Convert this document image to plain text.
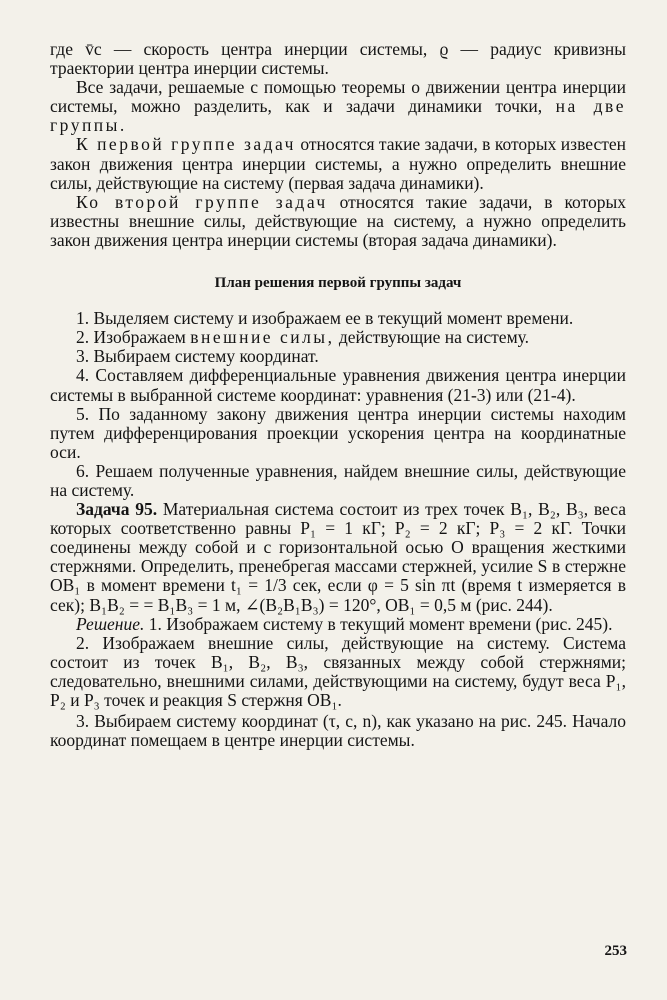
где v̄c — скорость центра инерции системы, ϱ — радиус кривизны траектории центра инерции системы.

Все задачи, решаемые с помощью теоремы о движении центра инерции системы, можно разделить, как и задачи динамики точки, на две группы.

К первой группе задач относятся такие задачи, в которых известен закон движения центра инерции системы, а нужно определить внешние силы, действующие на систему (первая задача динамики).

Ко второй группе задач относятся такие задачи, в которых известны внешние силы, действующие на систему, а нужно определить закон движения центра инерции системы (вторая задача динамики).

План решения первой группы задач

1. Выделяем систему и изображаем ее в текущий момент времени.

2. Изображаем внешние силы, действующие на систему.

3. Выбираем систему координат.

4. Составляем дифференциальные уравнения движения центра инерции системы в выбранной системе координат: уравнения (21-3) или (21-4).

5. По заданному закону движения центра инерции системы находим путем дифференцирования проекции ускорения центра на координатные оси.

6. Решаем полученные уравнения, найдем внешние силы, действующие на систему.

Задача 95. Материальная система состоит из трех точек B₁, B₂, B₃, веса которых соответственно равны P₁ = 1 кГ; P₂ = 2 кГ; P₃ = 2 кГ. Точки соединены между собой и с горизонтальной осью O вращения жесткими стержнями. Определить, пренебрегая массами стержней, усилие S в стержне OB₁ в момент времени t₁ = 1/3 сек, если φ = 5 sin πt (время t измеряется в сек); B₁B₂ = = B₁B₃ = 1 м, ∠(B₂B₁B₃) = 120°, OB₁ = 0,5 м (рис. 244).

Решение. 1. Изображаем систему в текущий момент времени (рис. 245).

2. Изображаем внешние силы, действующие на систему. Система состоит из точек B₁, B₂, B₃, связанных между собой стержнями; следовательно, внешними силами, действующими на систему, будут веса P₁, P₂ и P₃ точек и реакция S стержня OB₁.

3. Выбираем систему координат (τ, c, n), как указано на рис. 245. Начало координат помещаем в центре инерции системы.

253
